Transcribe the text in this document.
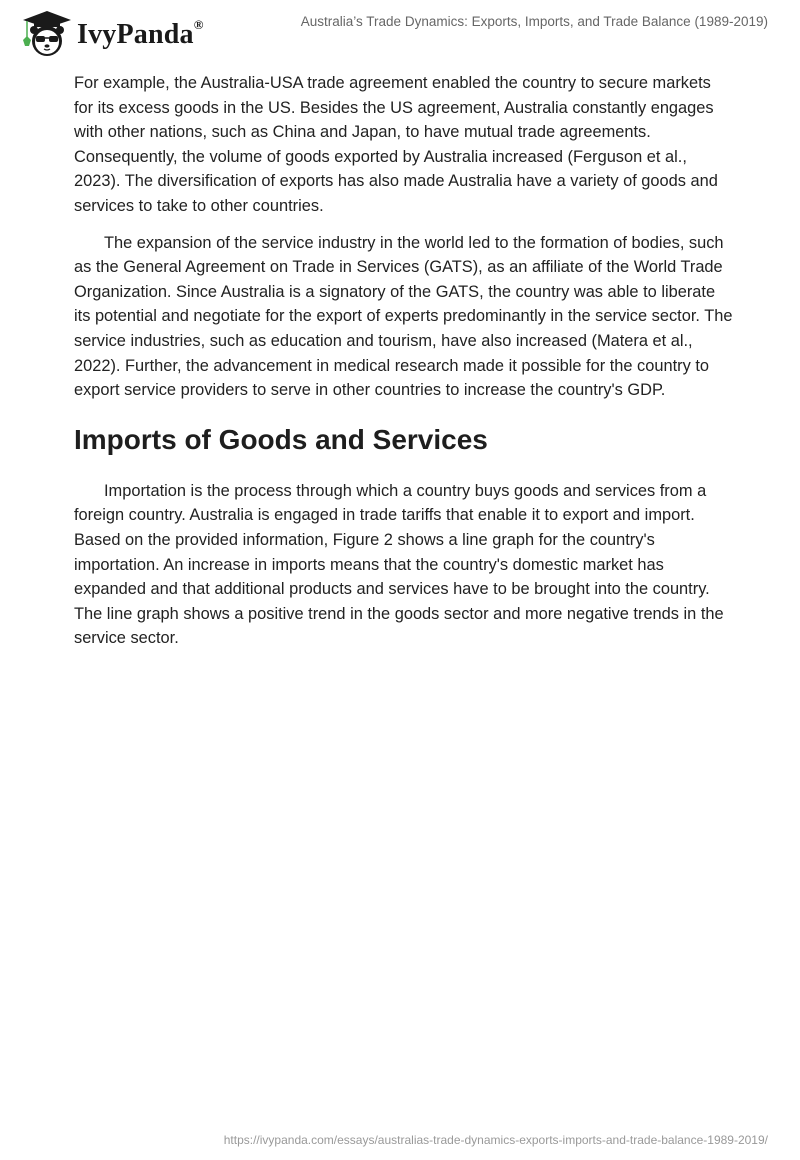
IvyPanda®	Australia’s Trade Dynamics: Exports, Imports, and Trade Balance (1989-2019)

For example, the Australia-USA trade agreement enabled the country to secure markets for its excess goods in the US. Besides the US agreement, Australia constantly engages with other nations, such as China and Japan, to have mutual trade agreements. Consequently, the volume of goods exported by Australia increased (Ferguson et al., 2023). The diversification of exports has also made Australia have a variety of goods and services to take to other countries.

The expansion of the service industry in the world led to the formation of bodies, such as the General Agreement on Trade in Services (GATS), as an affiliate of the World Trade Organization. Since Australia is a signatory of the GATS, the country was able to liberate its potential and negotiate for the export of experts predominantly in the service sector. The service industries, such as education and tourism, have also increased (Matera et al., 2022). Further, the advancement in medical research made it possible for the country to export service providers to serve in other countries to increase the country's GDP.

Imports of Goods and Services

Importation is the process through which a country buys goods and services from a foreign country. Australia is engaged in trade tariffs that enable it to export and import. Based on the provided information, Figure 2 shows a line graph for the country's importation. An increase in imports means that the country's domestic market has expanded and that additional products and services have to be brought into the country. The line graph shows a positive trend in the goods sector and more negative trends in the service sector.

https://ivypanda.com/essays/australias-trade-dynamics-exports-imports-and-trade-balance-1989-2019/
